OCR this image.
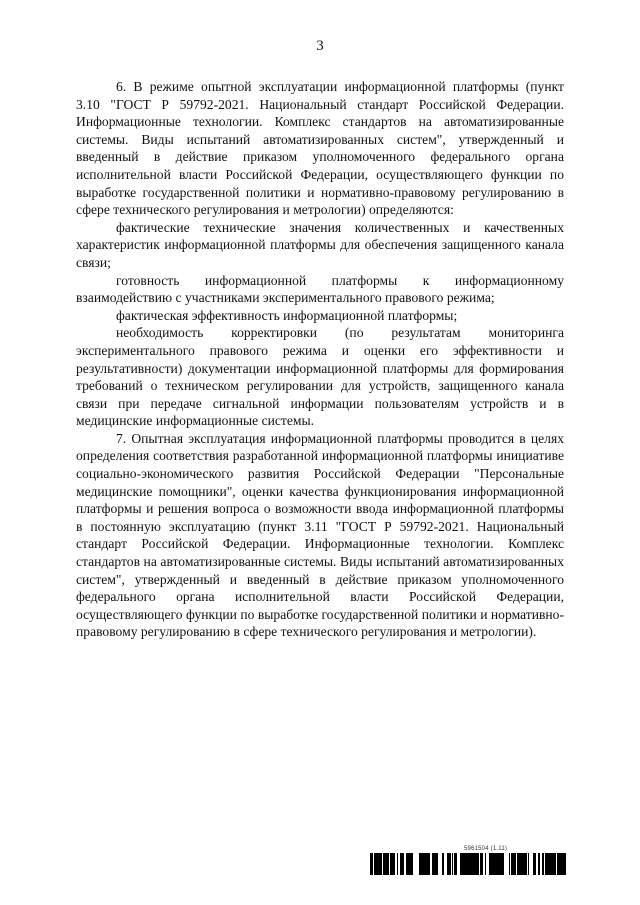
3

6. В режиме опытной эксплуатации информационной платформы (пункт 3.10 "ГОСТ Р 59792-2021. Национальный стандарт Российской Федерации. Информационные технологии. Комплекс стандартов на автоматизированные системы. Виды испытаний автоматизированных систем", утвержденный и введенный в действие приказом уполномоченного федерального органа исполнительной власти Российской Федерации, осуществляющего функции по выработке государственной политики и нормативно-правовому регулированию в сфере технического регулирования и метрологии) определяются:

фактические технические значения количественных и качественных характеристик информационной платформы для обеспечения защищенного канала связи;

готовность информационной платформы к информационному взаимодействию с участниками экспериментального правового режима;

фактическая эффективность информационной платформы;

необходимость корректировки (по результатам мониторинга экспериментального правового режима и оценки его эффективности и результативности) документации информационной платформы для формирования требований о техническом регулировании для устройств, защищенного канала связи при передаче сигнальной информации пользователям устройств и в медицинские информационные системы.

7. Опытная эксплуатация информационной платформы проводится в целях определения соответствия разработанной информационной платформы инициативе социально-экономического развития Российской Федерации "Персональные медицинские помощники", оценки качества функционирования информационной платформы и решения вопроса о возможности ввода информационной платформы в постоянную эксплуатацию (пункт 3.11 "ГОСТ Р 59792-2021. Национальный стандарт Российской Федерации. Информационные технологии. Комплекс стандартов на автоматизированные системы. Виды испытаний автоматизированных систем", утвержденный и введенный в действие приказом уполномоченного федерального органа исполнительной власти Российской Федерации, осуществляющего функции по выработке государственной политики и нормативно-правовому регулированию в сфере технического регулирования и метрологии).

5961504 (1.11)
